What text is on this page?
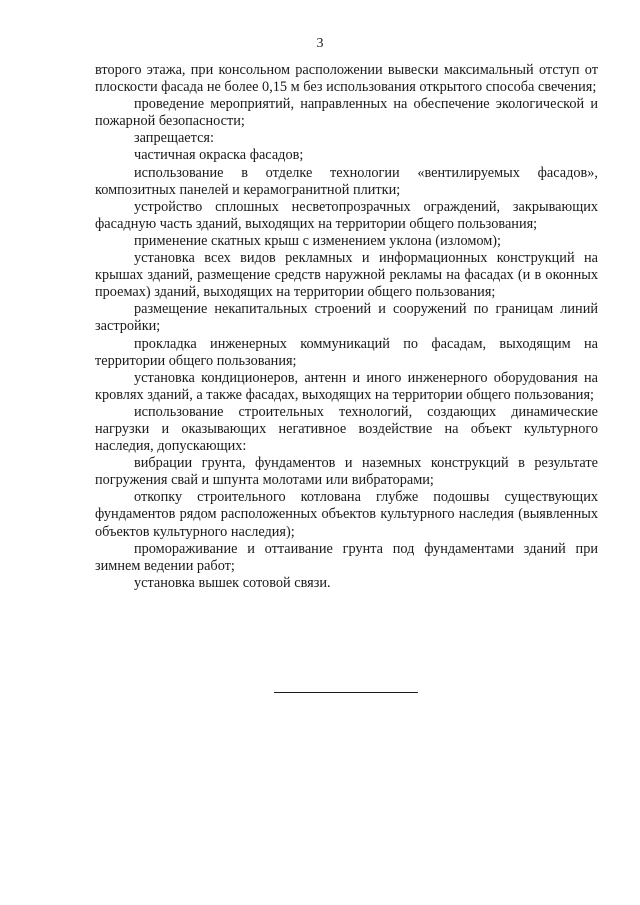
3

второго этажа, при консольном расположении вывески максимальный отступ от плоскости фасада не более 0,15 м без использования открытого способа свечения;

проведение мероприятий, направленных на обеспечение экологической и пожарной безопасности;

запрещается:

частичная окраска фасадов;

использование в отделке технологии «вентилируемых фасадов», композитных панелей и керамогранитной плитки;

устройство сплошных несветопрозрачных ограждений, закрывающих фасадную часть зданий, выходящих на территории общего пользования;

применение скатных крыш с изменением уклона (изломом);

установка всех видов рекламных и информационных конструкций на крышах зданий, размещение средств наружной рекламы на фасадах (и в оконных проемах) зданий, выходящих на территории общего пользования;

размещение некапитальных строений и сооружений по границам линий застройки;

прокладка инженерных коммуникаций по фасадам, выходящим на территории общего пользования;

установка кондиционеров, антенн и иного инженерного оборудования на кровлях зданий, а также фасадах, выходящих на территории общего пользования;

использование строительных технологий, создающих динамические нагрузки и оказывающих негативное воздействие на объект культурного наследия, допускающих:

вибрации грунта, фундаментов и наземных конструкций в результате погружения свай и шпунта молотами или вибраторами;

откопку строительного котлована глубже подошвы существующих фундаментов рядом расположенных объектов культурного наследия (выявленных объектов культурного наследия);

промораживание и оттаивание грунта под фундаментами зданий при зимнем ведении работ;

установка вышек сотовой связи.
